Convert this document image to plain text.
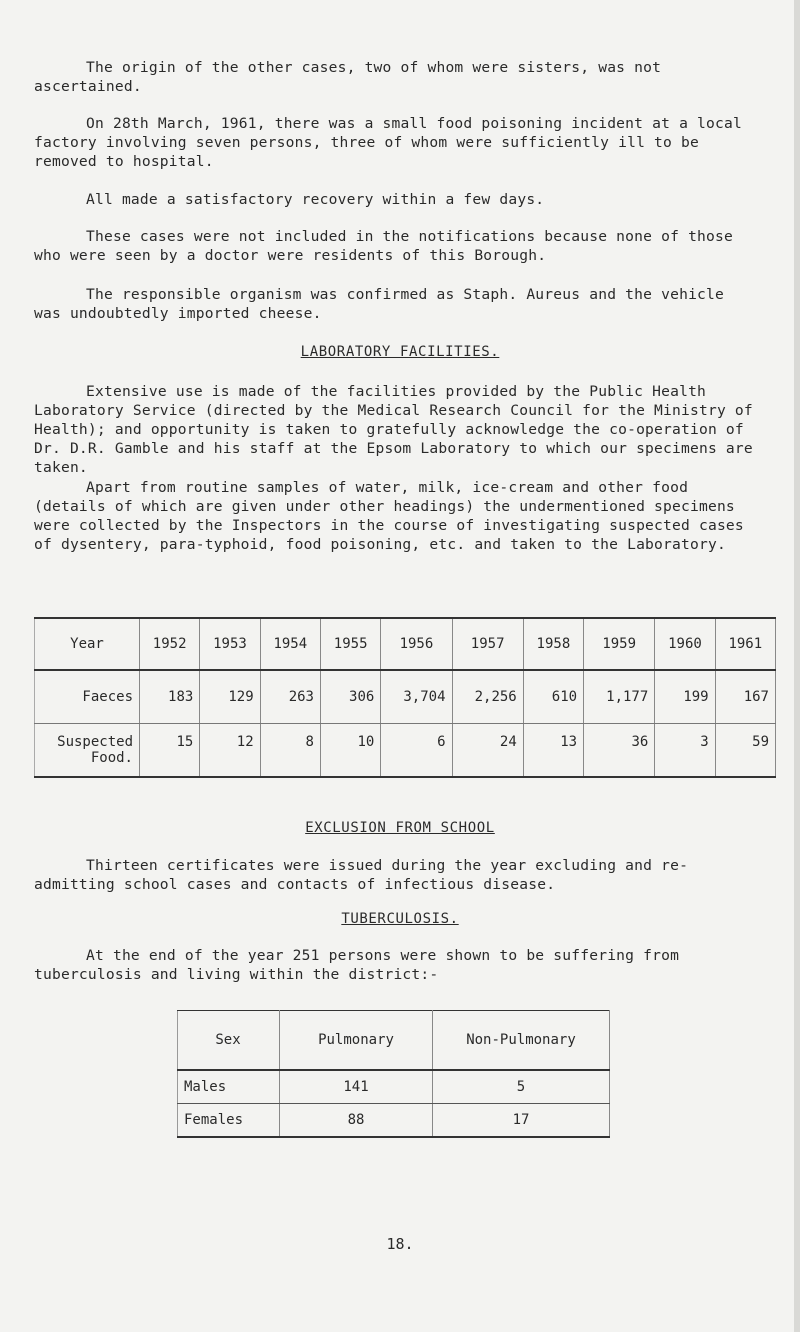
The origin of the other cases, two of whom were sisters, was not ascertained.

On 28th March, 1961, there was a small food poisoning incident at a local factory involving seven persons, three of whom were sufficiently ill to be removed to hospital.

All made a satisfactory recovery within a few days.

These cases were not included in the notifications because none of those who were seen by a doctor were residents of this Borough.

The responsible organism was confirmed as Staph. Aureus and the vehicle was undoubtedly imported cheese.

LABORATORY FACILITIES.

Extensive use is made of the facilities provided by the Public Health Laboratory Service (directed by the Medical Research Council for the Ministry of Health); and opportunity is taken to gratefully acknowledge the co-operation of Dr. D.R. Gamble and his staff at the Epsom Laboratory to which our specimens are taken.

Apart from routine samples of water, milk, ice-cream and other food (details of which are given under other headings) the undermentioned specimens were collected by the Inspectors in the course of investigating suspected cases of dysentery, para-typhoid, food poisoning, etc. and taken to the Laboratory.

Year	1952	1953	1954	1955	1956	1957	1958	1959	1960	1961
Faeces	183	129	263	306	3,704	2,256	610	1,177	199	167
Suspected Food.	15	12	8	10	6	24	13	36	3	59
EXCLUSION FROM SCHOOL

Thirteen certificates were issued during the year excluding and re-admitting school cases and contacts of infectious disease.

TUBERCULOSIS.

At the end of the year 251 persons were shown to be suffering from tuberculosis and living within the district:-

Sex	Pulmonary	Non-Pulmonary
Males	141	5
Females	88	17
18.
